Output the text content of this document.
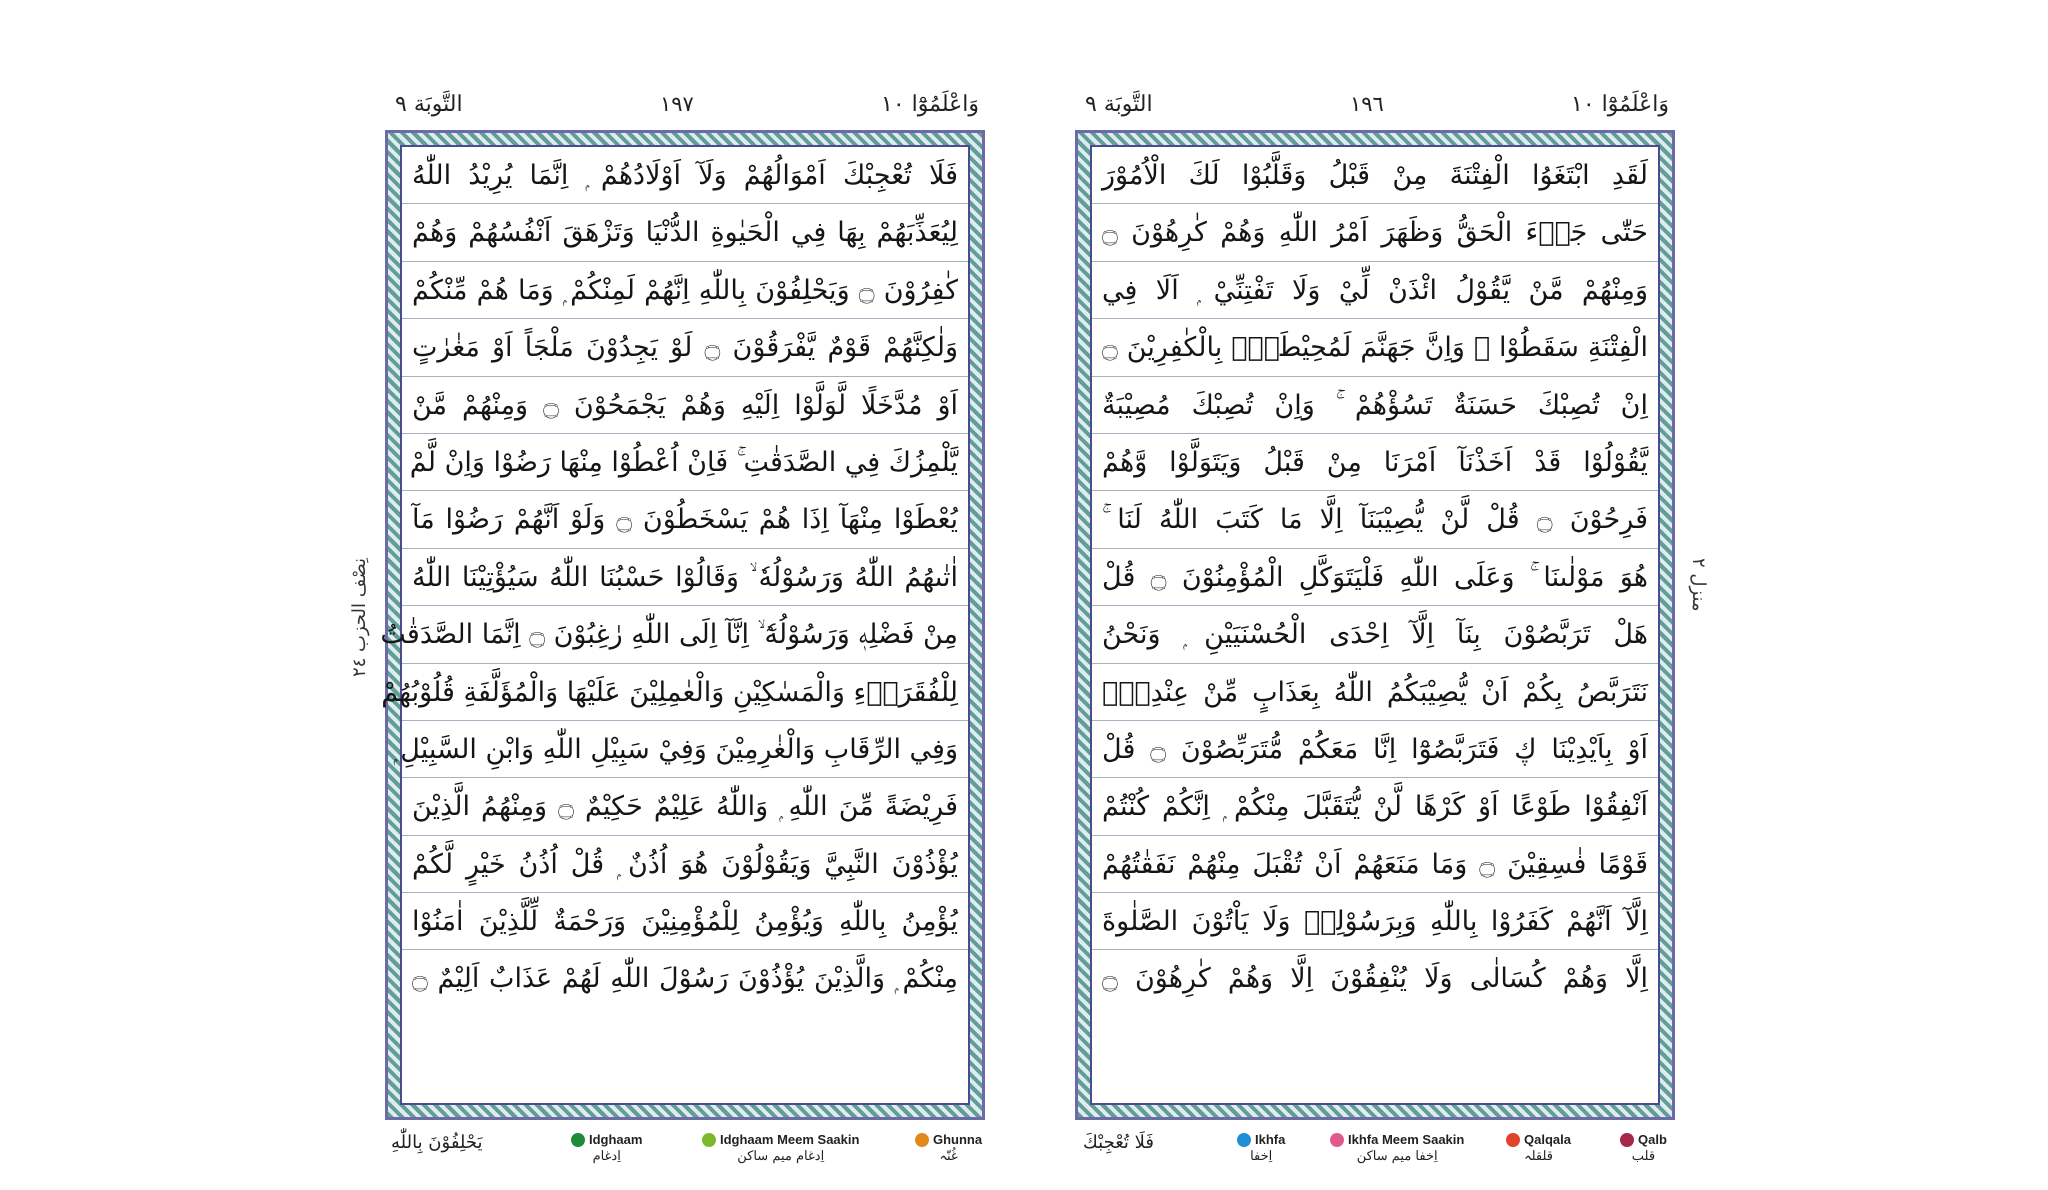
التَّوبَة ٩	١٩٧	وَاعْلَمُوْٓا ١٠
فَلَا تُعْجِبْكَ اَمْوَالُهُمْ وَلَآ اَوْلَادُهُمْ ۭ اِنَّمَا يُرِيْدُ اللّٰهُ
لِيُعَذِّبَهُمْ بِهَا فِي الْحَيٰوةِ الدُّنْيَا وَتَزْهَقَ اَنْفُسُهُمْ وَهُمْ
كٰفِرُوْنَ ۝ وَيَحْلِفُوْنَ بِاللّٰهِ اِنَّهُمْ لَمِنْكُمْ ۭ وَمَا هُمْ مِّنْكُمْ
وَلٰكِنَّهُمْ قَوْمٌ يَّفْرَقُوْنَ ۝ لَوْ يَجِدُوْنَ مَلْجَاً اَوْ مَغٰرٰتٍ
اَوْ مُدَّخَلًا لَّوَلَّوْا اِلَيْهِ وَهُمْ يَجْمَحُوْنَ ۝ وَمِنْهُمْ مَّنْ
يَّلْمِزُكَ فِي الصَّدَقٰتِ ۚ فَاِنْ اُعْطُوْا مِنْهَا رَضُوْا وَاِنْ لَّمْ
يُعْطَوْا مِنْهَآ اِذَا هُمْ يَسْخَطُوْنَ ۝ وَلَوْ اَنَّهُمْ رَضُوْا مَآ
اٰتٰىهُمُ اللّٰهُ وَرَسُوْلُهٗ ۙ وَقَالُوْا حَسْبُنَا اللّٰهُ سَيُؤْتِيْنَا اللّٰهُ
مِنْ فَضْلِهٖ وَرَسُوْلُهٗٓ ۙ اِنَّآ اِلَى اللّٰهِ رٰغِبُوْنَ ۝ اِنَّمَا الصَّدَقٰتُ
لِلْفُقَرَاۗءِ وَالْمَسٰكِيْنِ وَالْعٰمِلِيْنَ عَلَيْهَا وَالْمُؤَلَّفَةِ قُلُوْبُهُمْ
وَفِي الرِّقَابِ وَالْغٰرِمِيْنَ وَفِيْ سَبِيْلِ اللّٰهِ وَابْنِ السَّبِيْلِ ۭ
فَرِيْضَةً مِّنَ اللّٰهِ ۭ وَاللّٰهُ عَلِيْمٌ حَكِيْمٌ ۝ وَمِنْهُمُ الَّذِيْنَ
يُؤْذُوْنَ النَّبِيَّ وَيَقُوْلُوْنَ هُوَ اُذُنٌ ۭ قُلْ اُذُنُ خَيْرٍ لَّكُمْ
يُؤْمِنُ بِاللّٰهِ وَيُؤْمِنُ لِلْمُؤْمِنِيْنَ وَرَحْمَةٌ لِّلَّذِيْنَ اٰمَنُوْا
مِنْكُمْ ۭ وَالَّذِيْنَ يُؤْذُوْنَ رَسُوْلَ اللّٰهِ لَهُمْ عَذَابٌ اَلِيْمٌ ۝
نِصْف الحزب ٢٤
يَحْلِفُوْنَ بِاللّٰهِ	Idghaam
اِدغام
Idghaam Meem Saakin
اِدغام میم ساکن
Ghunna
غُنّہ
التَّوبَة ٩	١٩٦	وَاعْلَمُوْٓا ١٠
لَقَدِ ابْتَغَوُا الْفِتْنَةَ مِنْ قَبْلُ وَقَلَّبُوْا لَكَ الْاُمُوْرَ
حَتّٰى جَاۗءَ الْحَقُّ وَظَهَرَ اَمْرُ اللّٰهِ وَهُمْ كٰرِهُوْنَ ۝
وَمِنْهُمْ مَّنْ يَّقُوْلُ ائْذَنْ لِّيْ وَلَا تَفْتِنِّيْ ۭ اَلَا فِي
الْفِتْنَةِ سَقَطُوْا ۭ وَاِنَّ جَهَنَّمَ لَمُحِيْطَةٌۢ بِالْكٰفِرِيْنَ ۝
اِنْ تُصِبْكَ حَسَنَةٌ تَسُؤْهُمْ ۚ وَاِنْ تُصِبْكَ مُصِيْبَةٌ
يَّقُوْلُوْا قَدْ اَخَذْنَآ اَمْرَنَا مِنْ قَبْلُ وَيَتَوَلَّوْا وَّهُمْ
فَرِحُوْنَ ۝ قُلْ لَّنْ يُّصِيْبَنَآ اِلَّا مَا كَتَبَ اللّٰهُ لَنَا ۚ
هُوَ مَوْلٰىنَا ۚ وَعَلَى اللّٰهِ فَلْيَتَوَكَّلِ الْمُؤْمِنُوْنَ ۝ قُلْ
هَلْ تَرَبَّصُوْنَ بِنَآ اِلَّآ اِحْدَى الْحُسْنَيَيْنِ ۭ وَنَحْنُ
نَتَرَبَّصُ بِكُمْ اَنْ يُّصِيْبَكُمُ اللّٰهُ بِعَذَابٍ مِّنْ عِنْدِهٖٓ
اَوْ بِاَيْدِيْنَا ڮ فَتَرَبَّصُوْٓا اِنَّا مَعَكُمْ مُّتَرَبِّصُوْنَ ۝ قُلْ
اَنْفِقُوْا طَوْعًا اَوْ كَرْهًا لَّنْ يُّتَقَبَّلَ مِنْكُمْ ۭ اِنَّكُمْ كُنْتُمْ
قَوْمًا فٰسِقِيْنَ ۝ وَمَا مَنَعَهُمْ اَنْ تُقْبَلَ مِنْهُمْ نَفَقٰتُهُمْ
اِلَّآ اَنَّهُمْ كَفَرُوْا بِاللّٰهِ وَبِرَسُوْلِهٖ وَلَا يَاْتُوْنَ الصَّلٰوةَ
اِلَّا وَهُمْ كُسَالٰى وَلَا يُنْفِقُوْنَ اِلَّا وَهُمْ كٰرِهُوْنَ ۝
منزل ٢
فَلَا تُعْجِبْكَ	Ikhfa
اِخفا
Ikhfa Meem Saakin
اِخفا میم ساکن
Qalqala
قلقلہ
Qalb
قلب
